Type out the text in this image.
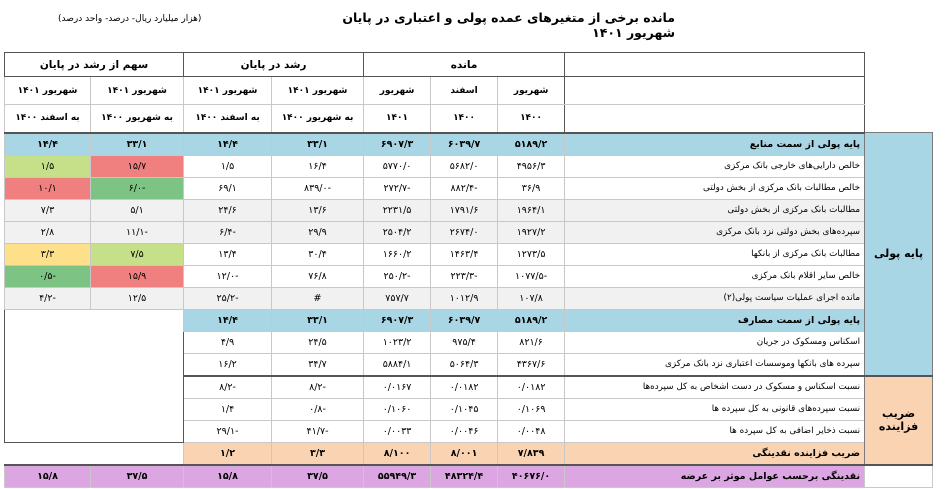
مانده برخی از متغیرهای عمده پولی و اعتباری در پایان شهریور ۱۴۰۱
(هزار میلیارد ریال- درصد- واحد درصد)
		مانده			رشد در پایان		سهم از رشد در پایان	
		شهریور	اسفند	شهریور	شهریور ۱۴۰۱	شهریور ۱۴۰۱	شهریور ۱۴۰۱	شهریور ۱۴۰۱
		۱۴۰۰	۱۴۰۰	۱۴۰۱	به شهریور ۱۴۰۰	به اسفند ۱۴۰۰	به شهریور ۱۴۰۰	به اسفند ۱۴۰۰
پایه پولی	پایه پولی از سمت منابع	۵۱۸۹/۲	۶۰۳۹/۷	۶۹۰۷/۳	۳۳/۱	۱۴/۴	۳۳/۱	۱۴/۴
	خالص دارایی‌های خارجی بانک مرکزی	۴۹۵۶/۳	۵۶۸۲/۰	۵۷۷۰/۰	۱۶/۴	۱/۵	۱۵/۷	۱/۵
	خالص مطالبات بانک مرکزی از بخش دولتی	۳۶/۹	-۸۸۲/۴	-۲۷۲/۷	-۸۳۹/۰	۶۹/۱	-۶/۰	۱۰/۱
	مطالبات بانک مرکزی از بخش دولتی	۱۹۶۴/۱	۱۷۹۱/۶	۲۲۳۱/۵	۱۳/۶	۲۴/۶	۵/۱	۷/۳
	سپرده‌های بخش دولتی نزد بانک مرکزی	۱۹۲۷/۲	۲۶۷۴/۰	۲۵۰۴/۲	۲۹/۹	-۶/۴	-۱۱/۱	۲/۸
	مطالبات بانک مرکزی از بانکها	۱۲۷۳/۵	۱۴۶۳/۴	۱۶۶۰/۲	۳۰/۴	۱۳/۴	۷/۵	۳/۳
	خالص سایر اقلام بانک مرکزی	-۱۰۷۷/۵	-۲۲۳/۳	-۲۵۰/۲	۷۶/۸	-۱۲/۰	۱۵/۹	-۰/۵
	مانده اجرای عملیات سیاست پولی(۲)	۱۰۷/۸	۱۰۱۲/۹	۷۵۷/۷	#	-۲۵/۲	۱۲/۵	-۴/۲
	پایه پولی از سمت مصارف	۵۱۸۹/۲	۶۰۳۹/۷	۶۹۰۷/۳	۳۳/۱	۱۴/۴		
	اسکناس ومسکوک در جریان	۸۲۱/۶	۹۷۵/۴	۱۰۲۳/۲	۲۴/۵	۴/۹		
	سپرده های بانکها وموسسات اعتباری نزد بانک مرکزی	۴۳۶۷/۶	۵۰۶۴/۳	۵۸۸۴/۱	۳۴/۷	۱۶/۲		

ضریب
فزاینده	نسبت اسکناس و مسکوک در دست اشخاص به کل سپرده‌ها	۰/۰۱۸۲	۰/۰۱۸۲	۰/۰۱۶۷	-۸/۲	-۸/۲		
	نسبت سپرده‌های قانونی به کل سپرده ها	۰/۱۰۶۹	۰/۱۰۴۵	۰/۱۰۶۰	-۰/۸	۱/۴		
	نسبت ذخایر اضافی به کل سپرده ها	۰/۰۰۴۸	۰/۰۰۴۶	۰/۰۰۳۳	-۴۱/۷	-۲۹/۱		
	ضریب فزاینده نقدینگی	۷/۸۳۹	۸/۰۰۱	۸/۱۰۰	۳/۳	۱/۲		
	نقدینگی برحسب عوامل موثر بر عرضه	۴۰۶۷۶/۰	۴۸۳۲۴/۴	۵۵۹۴۹/۳	۳۷/۵	۱۵/۸	۳۷/۵	۱۵/۸
